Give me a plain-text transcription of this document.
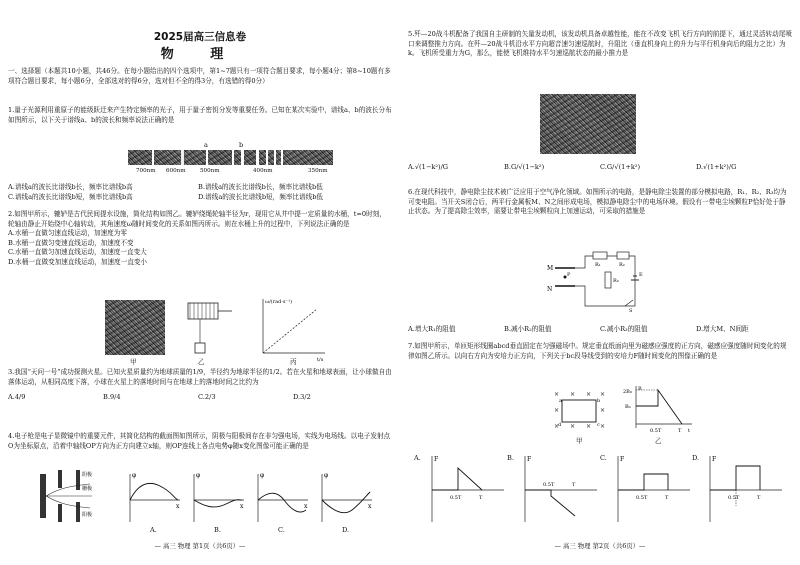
2025届高三信息卷
物 理

一、选择题（本题共10小题，共46分。在每小题给出的四个选项中，第1~7题只有一项符合题目要求，每小题4分；第8~10题有多项符合题目要求，每小题6分，全部选对的得6分，选对但不全的得3分，有选错的得0分）

1.量子光源利用重原子的能级跃迁来产生特定频率的光子，用于量子密钥分发等重要任务。已知在某次实验中，谱线a、b的波长分布如图所示，以下关于谱线a、b的波长和频率说法正确的是

a	b
700nm 600nm	500nm	400nm	350nm
A.谱线a的波长比谱线b长，频率比谱线b高	B.谱线a的波长比谱线b长，频率比谱线b低
C.谱线a的波长比谱线b短，频率比谱线b高	D.谱线a的波长比谱线b短，频率比谱线b低

2.如图甲所示，辘轳是古代民间提水设施，简化结构如图乙。辘轳绕绳轮轴半径为r，现用它从井中提一定质量的水桶，t=0时刻，轮轴由静止开始绕中心轴转动，其角速度ω随时间变化的关系如图丙所示。则在水桶上升的过程中，下列说法正确的是

A.水桶一直做匀速直线运动，加速度为零

B.水桶一直做匀变速直线运动，加速度不变

C.水桶一直做匀加速直线运动，加速度一直变大

D.水桶一直做变加速直线运动，加速度一直变小

甲	乙
ω/(rad·s⁻¹)
t/s
丙

3.我国“天问一号”成功探测火星。已知火星质量约为地球质量的1/9，半径约为地球半径的1/2。若在火星和地球表面，让小球做自由落体运动，从相同高度下落，小球在火星上的落地时间与在地球上的落地时间之比约为

A.4/9	B.9/4	C.2/3	D.3/2

4.电子枪是电子显微镜中的重要元件，其简化结构的截面图如图所示，阴极与阳极间存在非匀强电场，实线为电场线。以电子发射点O为坐标原点，沿着中轴线OP方向为正方向建立x轴，则OP连线上各点电势φ随x变化图像可能正确的是

阴极
栅极
阳极
φ
x
φ
x
φ
x
φ
x
A.	B.	C.	D.
— 高三 物理 第1页（共6页）—

5.歼—20战斗机配备了我国自主研制的矢量发动机，该发动机具备卓越性能，能在不改变飞机飞行方向的前提下，通过灵活转动尾喷口来调整推力方向。在歼—20战斗机沿水平方向超音速匀速巡航时，升阻比（垂直机身向上的升力与平行机身向后的阻力之比）为k。飞机所受重力为G，那么，能使飞机维持水平匀速巡航状态的最小推力是

A.√(1−k²)/G	B.G/√(1−k²)	C.G/√(1+k²)	D.√(1+k²)/G

6.在现代科技中，静电除尘技术被广泛应用于空气净化领域。如图所示的电路，是静电除尘装置的部分模拟电路，R₁、R₂、R₃均为可变电阻。当开关S闭合后，两平行金属板M、N之间形成电场，模拟静电除尘中的电场环境。假设有一带电尘埃颗粒P恰好处于静止状态。为了提高除尘效率，需要让带电尘埃颗粒向上加速运动，可采取的措施是

M
N
P
R₁	R₂
R₃
E
S
A.增大R₁的阻值	B.减小R₂的阻值	C.减小R₃的阻值	D.增大M、N间距

7.如图甲所示，单匝矩形线圈abcd垂直固定在匀强磁场中。规定垂直纸面向里为磁感应强度的正方向，磁感应强度随时间变化的规律如图乙所示。以向右方向为安培力正方向，下列关于bc段导线受到的安培力F随时间变化的图像正确的是

× × × ×
×	×
× × × ×
a	b
c
d
甲
2B₀
B₀
0.5T	T
B
t
乙
F
0.5T	T
F
0.5T	T
F
0.5T	T
F
0.5T	T
A.	B.	C.	D.
— 高三 物理 第2页（共6页）—
